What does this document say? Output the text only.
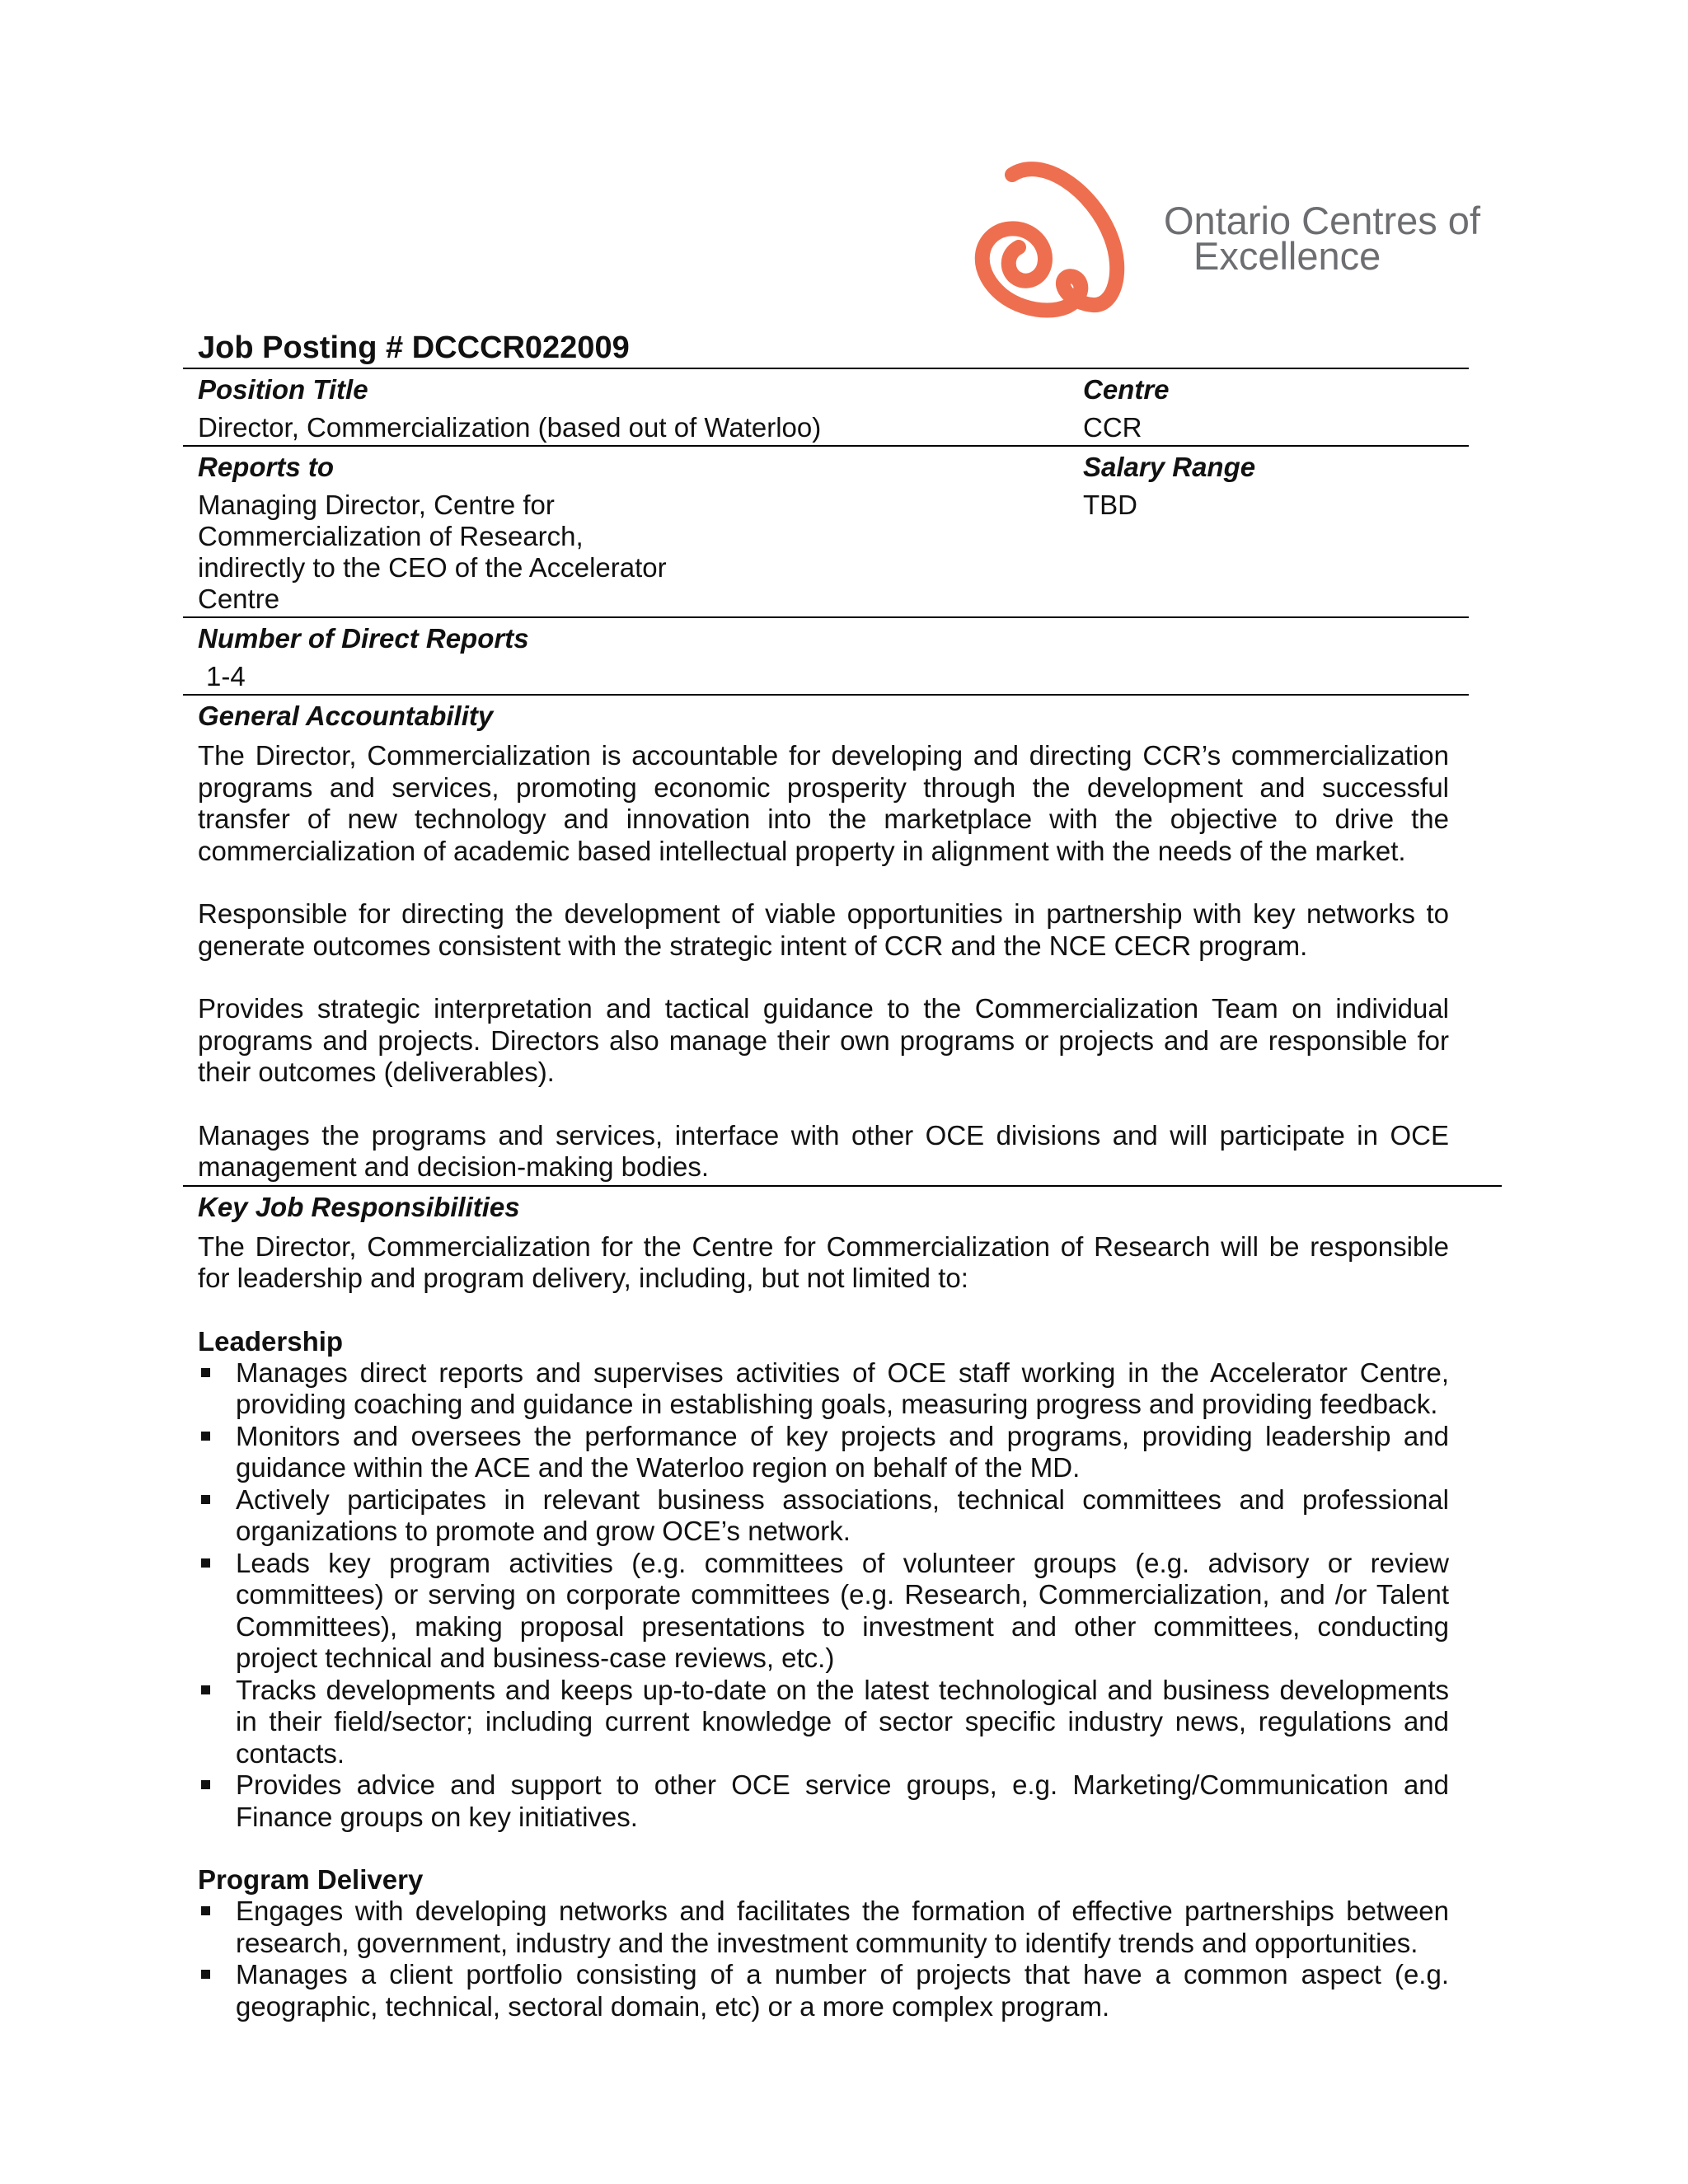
Ontario Centres of
Excellence
Job Posting # DCCCR022009
Position Title
Director, Commercialization (based out of Waterloo)
Centre
CCR
Reports to
Managing Director, Centre for
Commercialization of Research,
indirectly to the CEO of the Accelerator
Centre
Salary Range
TBD
Number of Direct Reports
1-4
General Accountability

The Director, Commercialization is accountable for developing and directing CCR’s commercialization programs and services, promoting economic prosperity through the development and successful transfer of new technology and innovation into the marketplace with the objective to drive the commercialization of academic based intellectual property in alignment with the needs of the market.

Responsible for directing the development of viable opportunities in partnership with key networks to generate outcomes consistent with the strategic intent of CCR and the NCE CECR program.

Provides strategic interpretation and tactical guidance to the Commercialization Team on individual programs and projects. Directors also manage their own programs or projects and are responsible for their outcomes (deliverables).

Manages the programs and services, interface with other OCE divisions and will participate in OCE management and decision-making bodies.

Key Job Responsibilities

The Director, Commercialization for the Centre for Commercialization of Research will be responsible for leadership and program delivery, including, but not limited to:

Leadership
Manages direct reports and supervises activities of OCE staff working in the Accelerator Centre, providing coaching and guidance in establishing goals, measuring progress and providing feedback.
Monitors and oversees the performance of key projects and programs, providing leadership and guidance within the ACE and the Waterloo region on behalf of the MD.
Actively participates in relevant business associations, technical committees and professional organizations to promote and grow OCE’s network.
Leads key program activities (e.g. committees of volunteer groups (e.g. advisory or review committees) or serving on corporate committees (e.g. Research, Commercialization, and /or Talent Committees), making proposal presentations to investment and other committees, conducting project technical and business-case reviews, etc.)
Tracks developments and keeps up-to-date on the latest technological and business developments in their field/sector; including current knowledge of sector specific industry news, regulations and contacts.
Provides advice and support to other OCE service groups, e.g. Marketing/Communication and Finance groups on key initiatives.
Program Delivery
Engages with developing networks and facilitates the formation of effective partnerships between research, government, industry and the investment community to identify trends and opportunities.
Manages a client portfolio consisting of a number of projects that have a common aspect (e.g. geographic, technical, sectoral domain, etc) or a more complex program.
